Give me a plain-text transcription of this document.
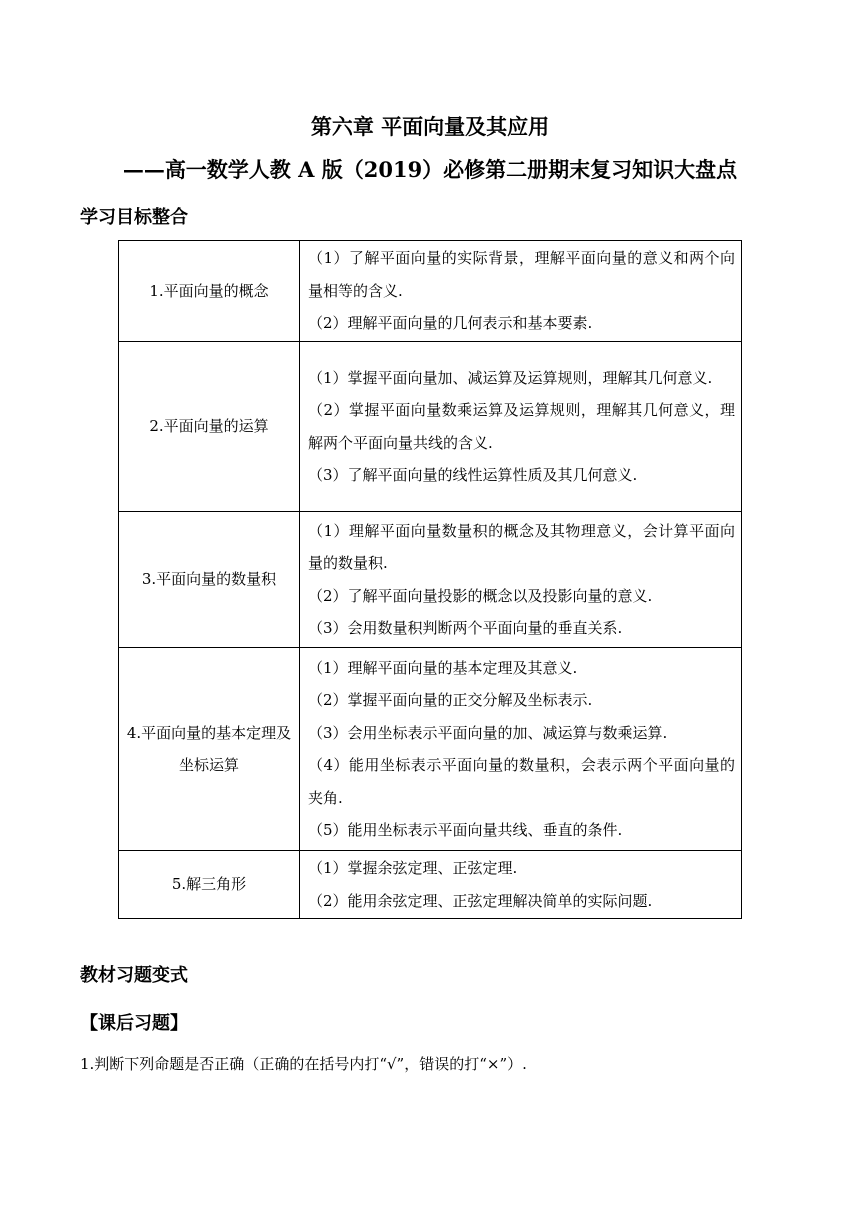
第六章 平面向量及其应用
——高一数学人教 A 版（2019）必修第二册期末复习知识大盘点
学习目标整合
1.平面向量的概念	（1）了解平面向量的实际背景，理解平面向量的意义和两个向量相等的含义.
（2）理解平面向量的几何表示和基本要素.

2.平面向量的运算	（1）掌握平面向量加、减运算及运算规则，理解其几何意义.
（2）掌握平面向量数乘运算及运算规则，理解其几何意义，理解两个平面向量共线的含义.
（3）了解平面向量的线性运算性质及其几何意义.

3.平面向量的数量积	（1）理解平面向量数量积的概念及其物理意义，会计算平面向量的数量积.
（2）了解平面向量投影的概念以及投影向量的意义.
（3）会用数量积判断两个平面向量的垂直关系.

4.平面向量的基本定理及坐标运算	（1）理解平面向量的基本定理及其意义.
（2）掌握平面向量的正交分解及坐标表示.
（3）会用坐标表示平面向量的加、减运算与数乘运算.
（4）能用坐标表示平面向量的数量积，会表示两个平面向量的夹角.
（5）能用坐标表示平面向量共线、垂直的条件.

5.解三角形	（1）掌握余弦定理、正弦定理.
（2）能用余弦定理、正弦定理解决简单的实际问题.
教材习题变式
【课后习题】
1.判断下列命题是否正确（正确的在括号内打“√”，错误的打“×”）.
